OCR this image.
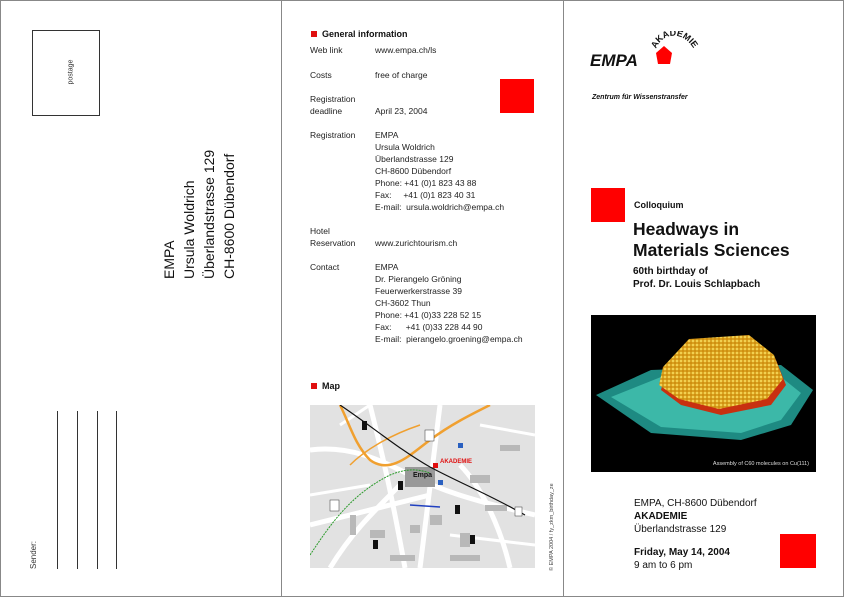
postage
EMPA Ursula Woldrich Überlandstrasse 129 CH-8600 Dübendorf
Sender:
General information
Web link	www.empa.ch/ls
Costs	free of charge
Registration
deadline	April 23, 2004
Registration	EMPA
Ursula Woldrich
Überlandstrasse 129
CH-8600 Dübendorf
Phone: +41 (0)1 823 43 88
Fax:     +41 (0)1 823 40 31
E-mail:  ursula.woldrich@empa.ch
Hotel
Reservation	www.zurichtourism.ch
Contact	EMPA
Dr. Pierangelo Gröning
Feuerwerkerstrasse 39
CH-3602 Thun
Phone: +41 (0)33 228 52 15
Fax:      +41 (0)33 228 44 90
E-mail:  pierangelo.groening@empa.ch
Map
AKADEMIE
Empa
© EMPA 2004 / fy_zkm_birthday_ze
EMPA
AKADEMIE
Zentrum für Wissenstransfer
Colloquium
Headways in
Materials Sciences
60th birthday of
Prof. Dr. Louis Schlapbach
Assembly of C60 molecules on Cu(111)
EMPA, CH-8600 Dübendorf
AKADEMIE
Überlandstrasse 129
Friday, May 14, 2004
9 am to 6 pm
